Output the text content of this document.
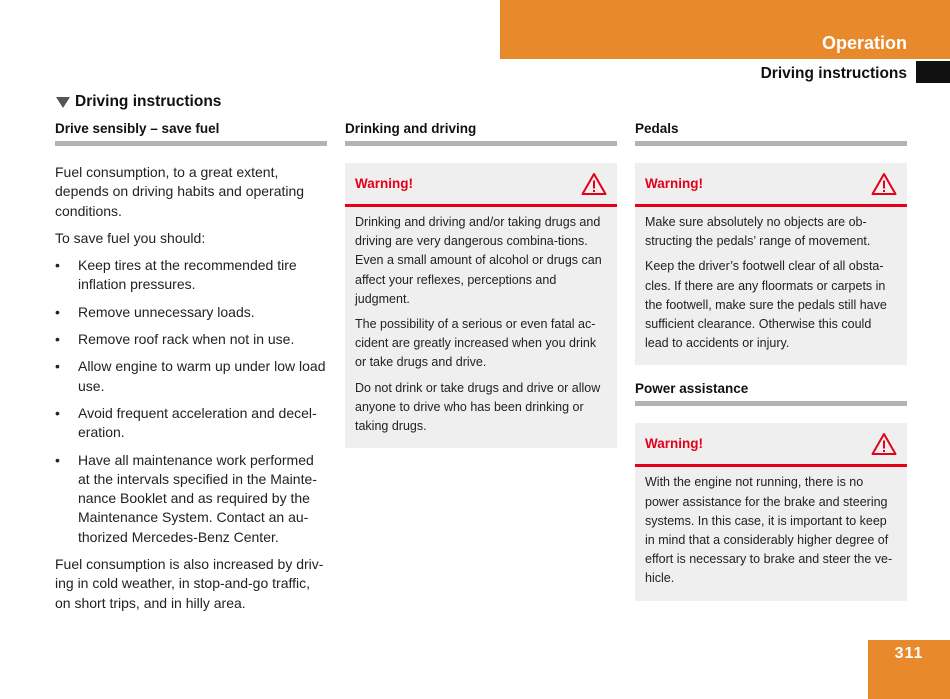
Operation
Driving instructions
Driving instructions
Drive sensibly – save fuel

Fuel consumption, to a great extent, depends on driving habits and operating conditions.

To save fuel you should:

•	Keep tires at the recommended tire inflation pressures.
•	Remove unnecessary loads.
•	Remove roof rack when not in use.
•	Allow engine to warm up under low load use.
•	Avoid frequent acceleration and decel-eration.
•	Have all maintenance work performed at the intervals specified in the Mainte-nance Booklet and as required by the Maintenance System. Contact an au-thorized Mercedes-Benz Center.

Fuel consumption is also increased by driv-ing in cold weather, in stop-and-go traffic, on short trips, and in hilly area.

Drinking and driving
Warning!

Drinking and driving and/or taking drugs and driving are very dangerous combina-tions. Even a small amount of alcohol or drugs can affect your reflexes, perceptions and judgment.

The possibility of a serious or even fatal ac-cident are greatly increased when you drink or take drugs and drive.

Do not drink or take drugs and drive or allow anyone to drive who has been drinking or taking drugs.

Pedals
Warning!

Make sure absolutely no objects are ob-structing the pedals’ range of movement.

Keep the driver’s footwell clear of all obsta-cles. If there are any floormats or carpets in the footwell, make sure the pedals still have sufficient clearance. Otherwise this could lead to accidents or injury.

Power assistance
Warning!

With the engine not running, there is no power assistance for the brake and steering systems. In this case, it is important to keep in mind that a considerably higher degree of effort is necessary to brake and steer the ve-hicle.

311
